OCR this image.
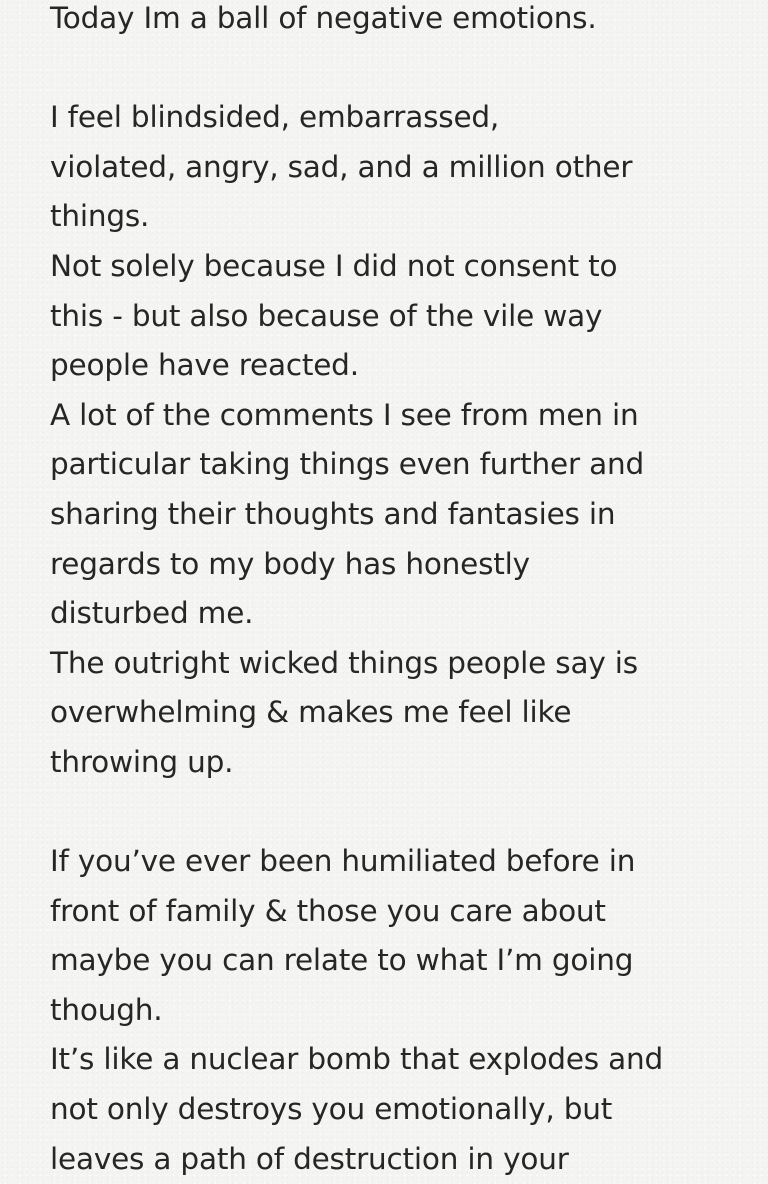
Today Im a ball of negative emotions.
I feel blindsided, embarrassed,
violated, angry, sad, and a million other
things.
Not solely because I did not consent to
this - but also because of the vile way
people have reacted.
A lot of the comments I see from men in
particular taking things even further and
sharing their thoughts and fantasies in
regards to my body has honestly
disturbed me.
The outright wicked things people say is
overwhelming & makes me feel like
throwing up.
If you’ve ever been humiliated before in
front of family & those you care about
maybe you can relate to what I’m going
though.
It’s like a nuclear bomb that explodes and
not only destroys you emotionally, but
leaves a path of destruction in your
